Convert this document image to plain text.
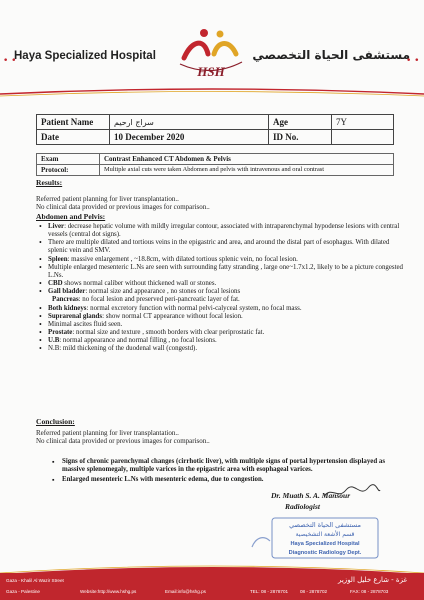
• •
Haya Specialized Hospital
HSH
مستشفى الحياة التخصصي
• •
Patient Name	سراج ارحيم	Age	7Y
Date	10 December 2020	ID No.	
Exam	Contrast Enhanced CT Abdomen & Pelvis
Protocol:	Multiple axial cuts were taken Abdomen and pelvis with intravenous and oral contrast
Results:
Referred patient planning for liver transplantation..
No clinical data provided or previous images for comparison..
Abdomen and Pelvis:
• Liver: decrease hepatic volume with mildly irregular contour, associated with intraparenchymal hypodense lesions with central vessels (central dot signs).
• There are multiple dilated and tortious veins in the epigastric and area, and around the distal part of esophagus. With dilated splenic vein and SMV.
• Spleen: massive enlargement , ~18.8cm, with dilated tortious splenic vein, no focal lesion.
• Multiple enlarged mesenteric L.Ns are seen with surrounding fatty stranding , large one~1.7x1.2, likely to be a picture congested L.Ns.
• CBD shows normal caliber without thickened wall or stones.
• Gall bladder: normal size and appearance , no stones or focal lesions
Pancreas: no focal lesion and preserved peri-pancreatic layer of fat.
• Both kidneys: normal excretory function with normal pelvi-calyceal system, no focal mass.
• Suprarenal glands: show normal CT appearance without focal lesion.
• Minimal ascites fluid seen.
• Prostate: normal size and texture , smooth borders with clear periprostatic fat.
• U.B: normal appearance and normal filling , no focal lesions.
• N.B: mild thickening of the duodenal wall (congestd).
Conclusion:
Referred patient planning for liver transplantation..
No clinical data provided or previous images for comparison..
▪ Signs of chronic parenchymal changes (cirrhotic liver), with multiple signs of portal hypertension displayed as massive splenomegaly, multiple varices in the epigastric area with esophageal varices.
▪ Enlarged mesenteric L.Ns with mesenteric edema, due to congestion.
Dr. Muath S. A. Mansour
Radiologist
مستشفى الحياة التخصصي
قسم الأشعة التشخيصية
Haya Specialized Hospital
Diagnostic Radiology Dept.
Gaza - Khalil Al Wazir Street
Gaza - Palestine	Website:http://www.hshg.ps	Email:info@hshg.ps
غزة - شارع خليل الوزير
TEL: 08 - 2878701	08 - 2878702	FAX: 08 - 2878703
